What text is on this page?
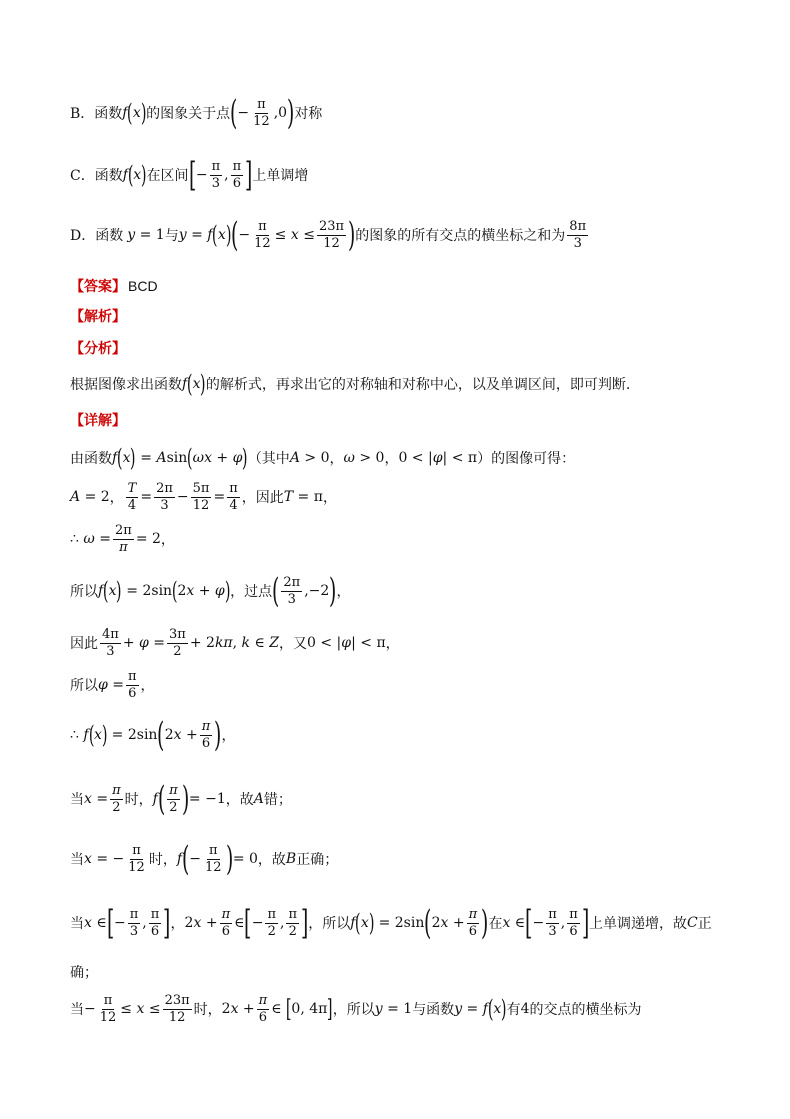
B．函数 f ( x ) 的图象关于点 ( − $\frac{\pi}{12} ,0$ ) 对称
C．函数 f ( x ) 在区间 [ − $\frac{\pi}{3}$ , $\frac{\pi}{6}$ ] 上单调增
D．函数 y = 1 与 y = f ( x ) ( − $\frac{\pi}{12} \le x \le \frac{23\pi}{12}$ ) 的图象的所有交点的横坐标之和为 $\frac{8\pi}{3}$
【答案】 BCD
【解析】
【分析】
根据图像求出函数 f ( x ) 的解析式，再求出它的对称轴和对称中心，以及单调区间，即可判断.
【详解】
由函数 f ( x ) = A sin ( ωx + φ ) （其中 A > 0 ， ω > 0 ， 0 < | φ | < π ）的图像可得：
A = 2 ， $\frac{T}{4} = \frac{2\pi}{3} - \frac{5\pi}{12} = \frac{\pi}{4}$ ，因此 T = π ，
∴
$\omega = \frac{2\pi}{\pi} = 2$ ，
所以 f ( x ) = 2sin ( 2 x + φ ) ，过点 ( $\frac{2\pi}{3} ,-2$ ) ，
因此 $\frac{4\pi}{3} + \varphi = \frac{3\pi}{2} + 2$ kπ , k ∈ Z ，又 0 < | φ | < π ，
所以 $\varphi = \frac{\pi}{6}$ ，
∴
f ( x ) = 2sin ( 2 $x + \frac{\pi}{6}$ ) ，
当 $x = \frac{\pi}{2}$ 时， f ( $\frac{\pi}{2}$ ) = −1 ，故 A 错；
当 x = − $\frac{\pi}{12}$ 时， f ( − $\frac{\pi}{12}$ ) = 0 ，故 B 正确；
当 x ∈ [ − $\frac{\pi}{3}$ , $\frac{\pi}{6}$ ] ， 2 $x + \frac{\pi}{6}$ ∈ [ − $\frac{\pi}{2}$ , $\frac{\pi}{2}$ ] ，所以 f ( x ) = 2sin ( 2 $x + \frac{\pi}{6}$ ) 在 x ∈ [ − $\frac{\pi}{3}$ , $\frac{\pi}{6}$ ] 上单调递增，故 C 正
确；
当 − $\frac{\pi}{12} \le x \le \frac{23\pi}{12}$ 时， 2 $x + \frac{\pi}{6}$ ∈ [ 0, 4π ] ，所以 y = 1 与函数 y = f ( x ) 有 4 的交点的横坐标为
